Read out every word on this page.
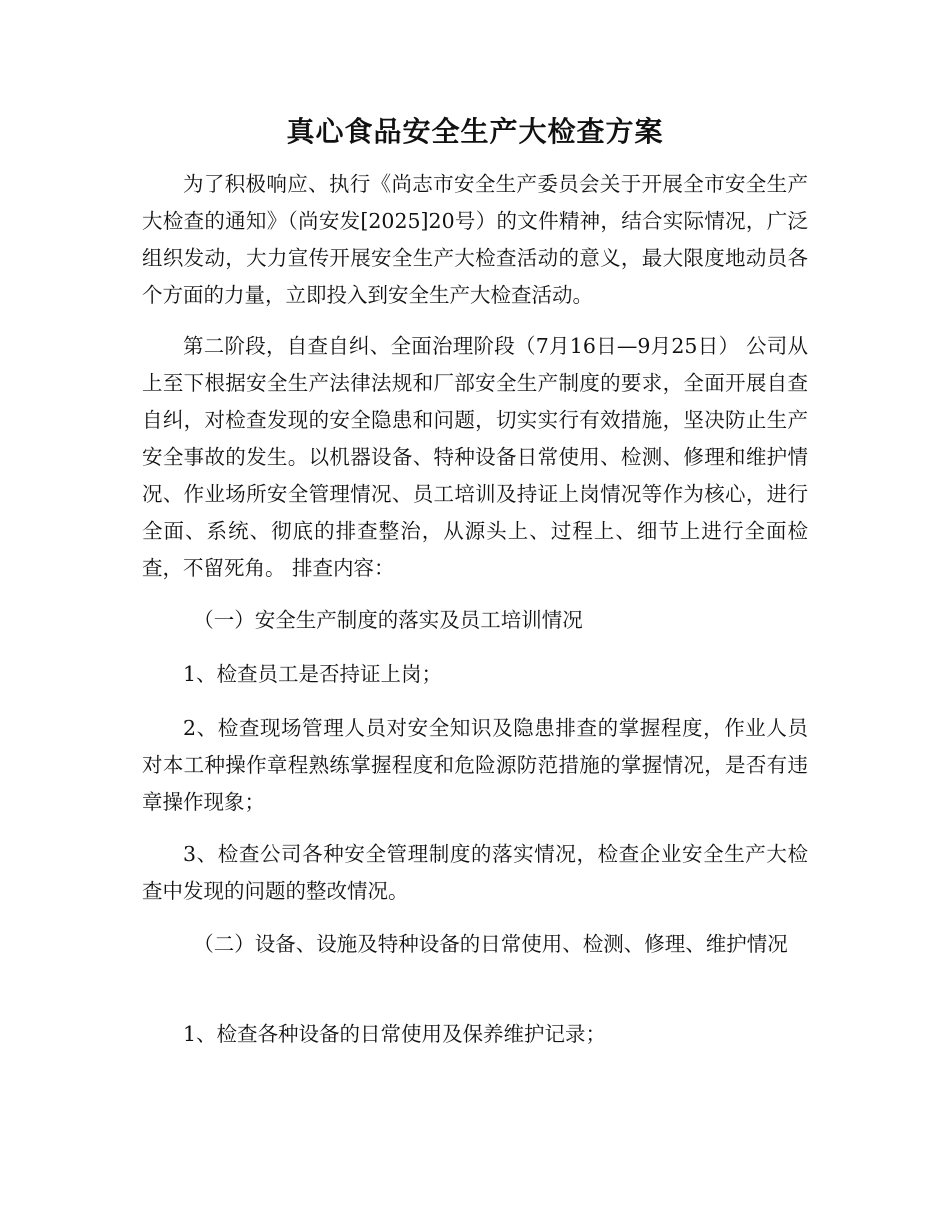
真心食品安全生产大检查方案

为了积极响应、执行《尚志市安全生产委员会关于开展全市安全生产大检查的通知》（尚安发[2025]20号）的文件精神，结合实际情况，广泛组织发动，大力宣传开展安全生产大检查活动的意义，最大限度地动员各个方面的力量，立即投入到安全生产大检查活动。

第二阶段，自查自纠、全面治理阶段（7月16日—9月25日） 公司从上至下根据安全生产法律法规和厂部安全生产制度的要求，全面开展自查自纠，对检查发现的安全隐患和问题，切实实行有效措施，坚决防止生产安全事故的发生。以机器设备、特种设备日常使用、检测、修理和维护情况、作业场所安全管理情况、员工培训及持证上岗情况等作为核心，进行全面、系统、彻底的排查整治，从源头上、过程上、细节上进行全面检查，不留死角。 排查内容：

（一）安全生产制度的落实及员工培训情况

1、检查员工是否持证上岗；

2、检查现场管理人员对安全知识及隐患排查的掌握程度，作业人员对本工种操作章程熟练掌握程度和危险源防范措施的掌握情况，是否有违章操作现象；

3、检查公司各种安全管理制度的落实情况，检查企业安全生产大检查中发现的问题的整改情况。

（二）设备、设施及特种设备的日常使用、检测、修理、维护情况

1、检查各种设备的日常使用及保养维护记录；
